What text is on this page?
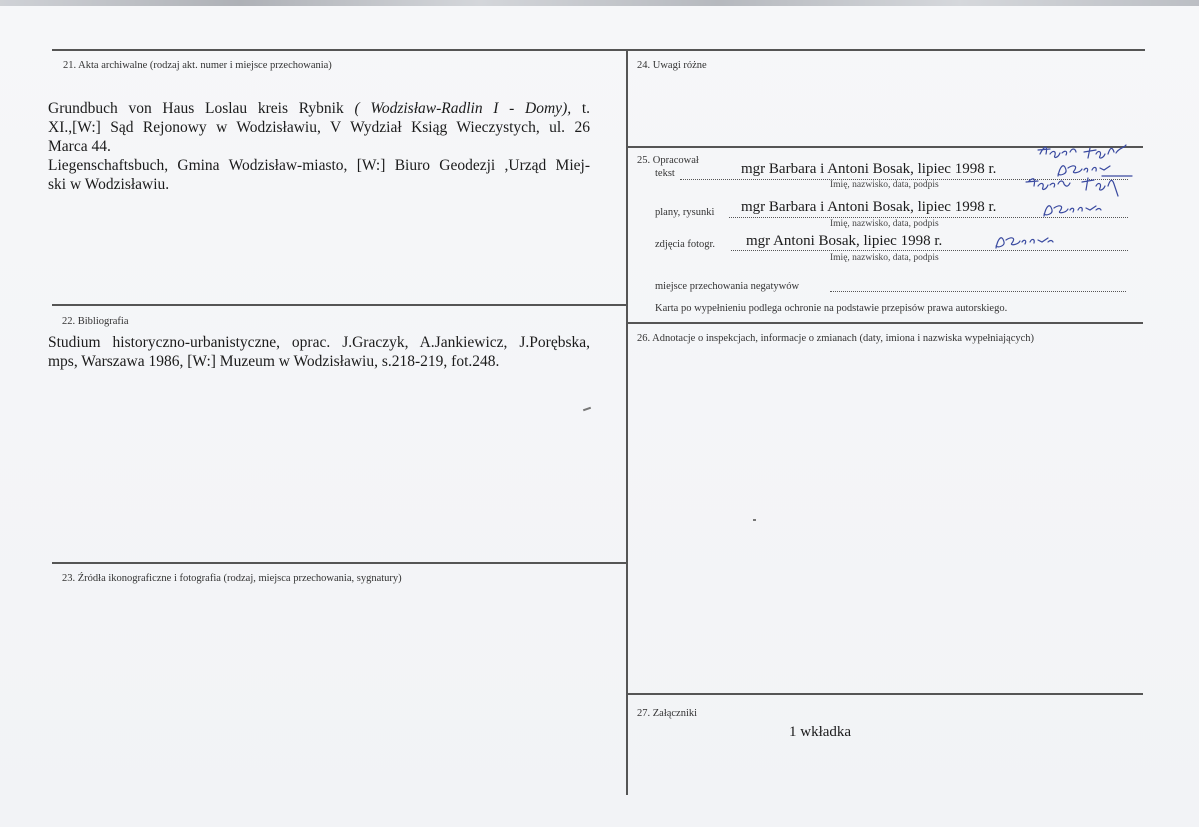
21. Akta archiwalne (rodzaj akt. numer i miejsce przechowania)

Grundbuch von Haus Loslau kreis Rybnik ( Wodzisław-Radlin I - Domy), t.

XI.,[W:] Sąd Rejonowy w Wodzisławiu, V Wydział Ksiąg Wieczystych, ul. 26

Marca 44.

Liegenschaftsbuch, Gmina Wodzisław-miasto, [W:] Biuro Geodezji ,Urząd Miej-

ski w Wodzisławiu.

22. Bibliografia

Studium historyczno-urbanistyczne, oprac. J.Graczyk, A.Jankiewicz, J.Porębska,

mps, Warszawa 1986, [W:] Muzeum w Wodzisławiu, s.218-219, fot.248.

23. Źródła ikonograficzne i fotografia (rodzaj, miejsca przechowania, sygnatury)
24. Uwagi różne
25. Opracował
tekst	mgr Barbara i Antoni Bosak, lipiec 1998 r.
Imię, nazwisko, data, podpis
plany, rysunki mgr Barbara i Antoni Bosak, lipiec 1998 r.
Imię, nazwisko, data, podpis
zdjęcia fotogr. mgr Antoni Bosak, lipiec 1998 r.
Imię, nazwisko, data, podpis
miejsce przechowania negatywów
Karta po wypełnieniu podlega ochronie na podstawie przepisów prawa autorskiego.
26. Adnotacje o inspekcjach, informacje o zmianach (daty, imiona i nazwiska wypełniających)
27. Załączniki
1 wkładka
